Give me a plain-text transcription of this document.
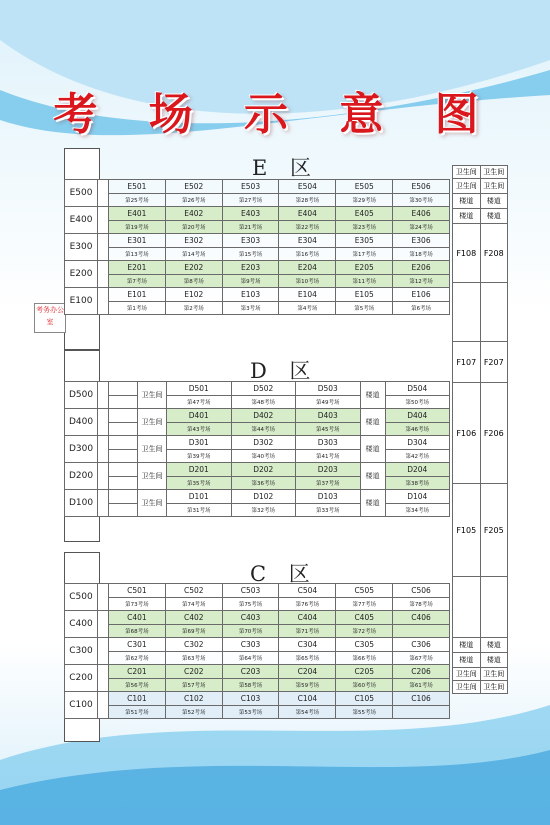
考 场 示 意 图
考务办公室
E 区
E500		E501	E502	E503	E504	E505	E506
		第25考场	第26考场	第27考场	第28考场	第29考场	第30考场
E400		E401	E402	E403	E404	E405	E406
		第19考场	第20考场	第21考场	第22考场	第23考场	第24考场
E300		E301	E302	E303	E304	E305	E306
		第13考场	第14考场	第15考场	第16考场	第17考场	第18考场
E200		E201	E202	E203	E204	E205	E206
		第7考场	第8考场	第9考场	第10考场	第11考场	第12考场
E100		E101	E102	E103	E104	E105	E106
		第1考场	第2考场	第3考场	第4考场	第5考场	第6考场
D 区
D500			卫生间	D501	D502	D503	楼道	D504
				第47考场	第48考场	第49考场		第50考场
D400			卫生间	D401	D402	D403	楼道	D404
				第43考场	第44考场	第45考场		第46考场
D300			卫生间	D301	D302	D303	楼道	D304
				第39考场	第40考场	第41考场		第42考场
D200			卫生间	D201	D202	D203	楼道	D204
				第35考场	第36考场	第37考场		第38考场
D100			卫生间	D101	D102	D103	楼道	D104
				第31考场	第32考场	第33考场		第34考场
C 区
C500		C501	C502	C503	C504	C505	C506
		第73考场	第74考场	第75考场	第76考场	第77考场	第78考场
C400		C401	C402	C403	C404	C405	C406
		第68考场	第69考场	第70考场	第71考场	第72考场	
C300		C301	C302	C303	C304	C305	C306
		第62考场	第63考场	第64考场	第65考场	第66考场	第67考场
C200		C201	C202	C203	C204	C205	C206
		第56考场	第57考场	第58考场	第59考场	第60考场	第61考场
C100		C101	C102	C103	C104	C105	C106
		第51考场	第52考场	第53考场	第54考场	第55考场	
卫生间	卫生间
卫生间	卫生间
楼道	楼道
楼道	楼道
F108	F208

F107	F207
F106	F206
F105	F205

楼道	楼道
楼道	楼道
卫生间	卫生间
卫生间	卫生间
